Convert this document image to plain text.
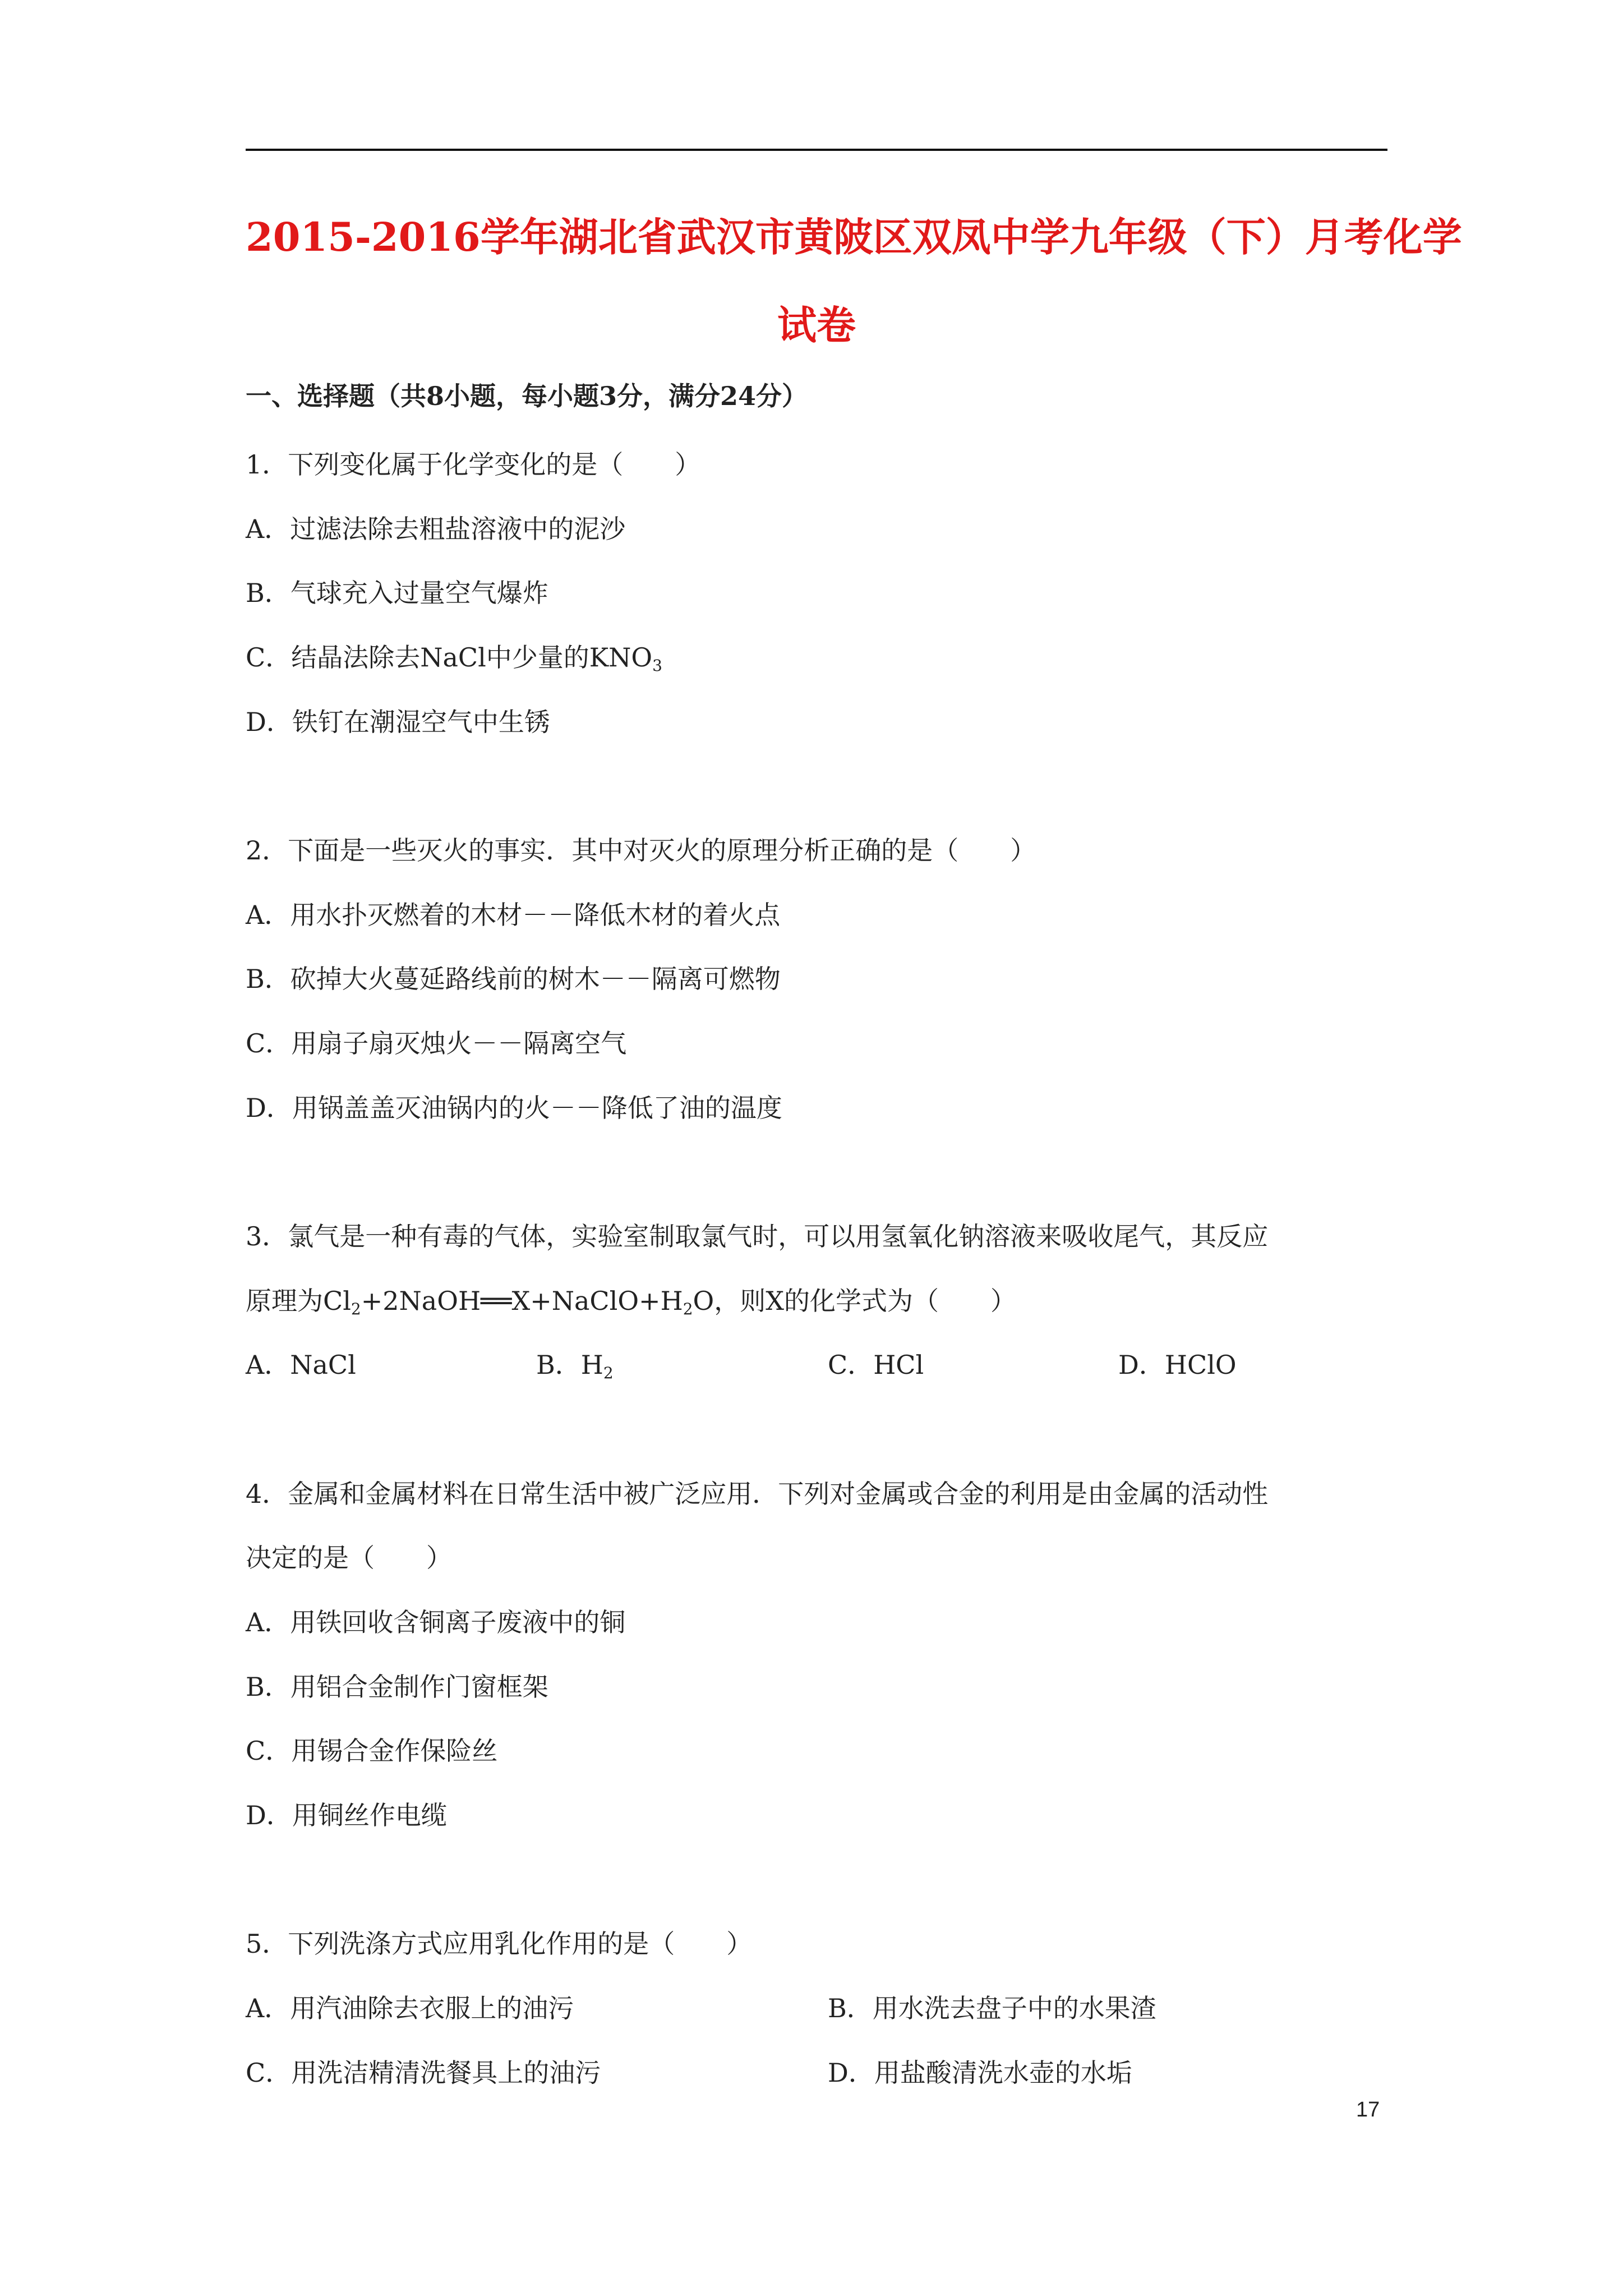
2015-2016学年湖北省武汉市黄陂区双凤中学九年级（下）月考化学
试卷
一、选择题（共8小题，每小题3分，满分24分）
1．下列变化属于化学变化的是（　　）
A．过滤法除去粗盐溶液中的泥沙
B．气球充入过量空气爆炸
C．结晶法除去NaCl中少量的$KNO_3$
D．铁钉在潮湿空气中生锈
2．下面是一些灭火的事实．其中对灭火的原理分析正确的是（　　）
A．用水扑灭燃着的木材－－降低木材的着火点
B．砍掉大火蔓延路线前的树木－－隔离可燃物
C．用扇子扇灭烛火－－隔离空气
D．用锅盖盖灭油锅内的火－－降低了油的温度
3．氯气是一种有毒的气体，实验室制取氯气时，可以用氢氧化钠溶液来吸收尾气，其反应
原理为$Cl_2+2NaOH══X+NaClO+H_2O$，则X的化学式为（　　）
A．NaCl	B．$H_2$	C．HCl	D．HClO
4．金属和金属材料在日常生活中被广泛应用．下列对金属或合金的利用是由金属的活动性
决定的是（　　）
A．用铁回收含铜离子废液中的铜
B．用铝合金制作门窗框架
C．用锡合金作保险丝
D．用铜丝作电缆
5．下列洗涤方式应用乳化作用的是（　　）
A．用汽油除去衣服上的油污	B．用水洗去盘子中的水果渣
C．用洗洁精清洗餐具上的油污	D．用盐酸清洗水壶的水垢
17
